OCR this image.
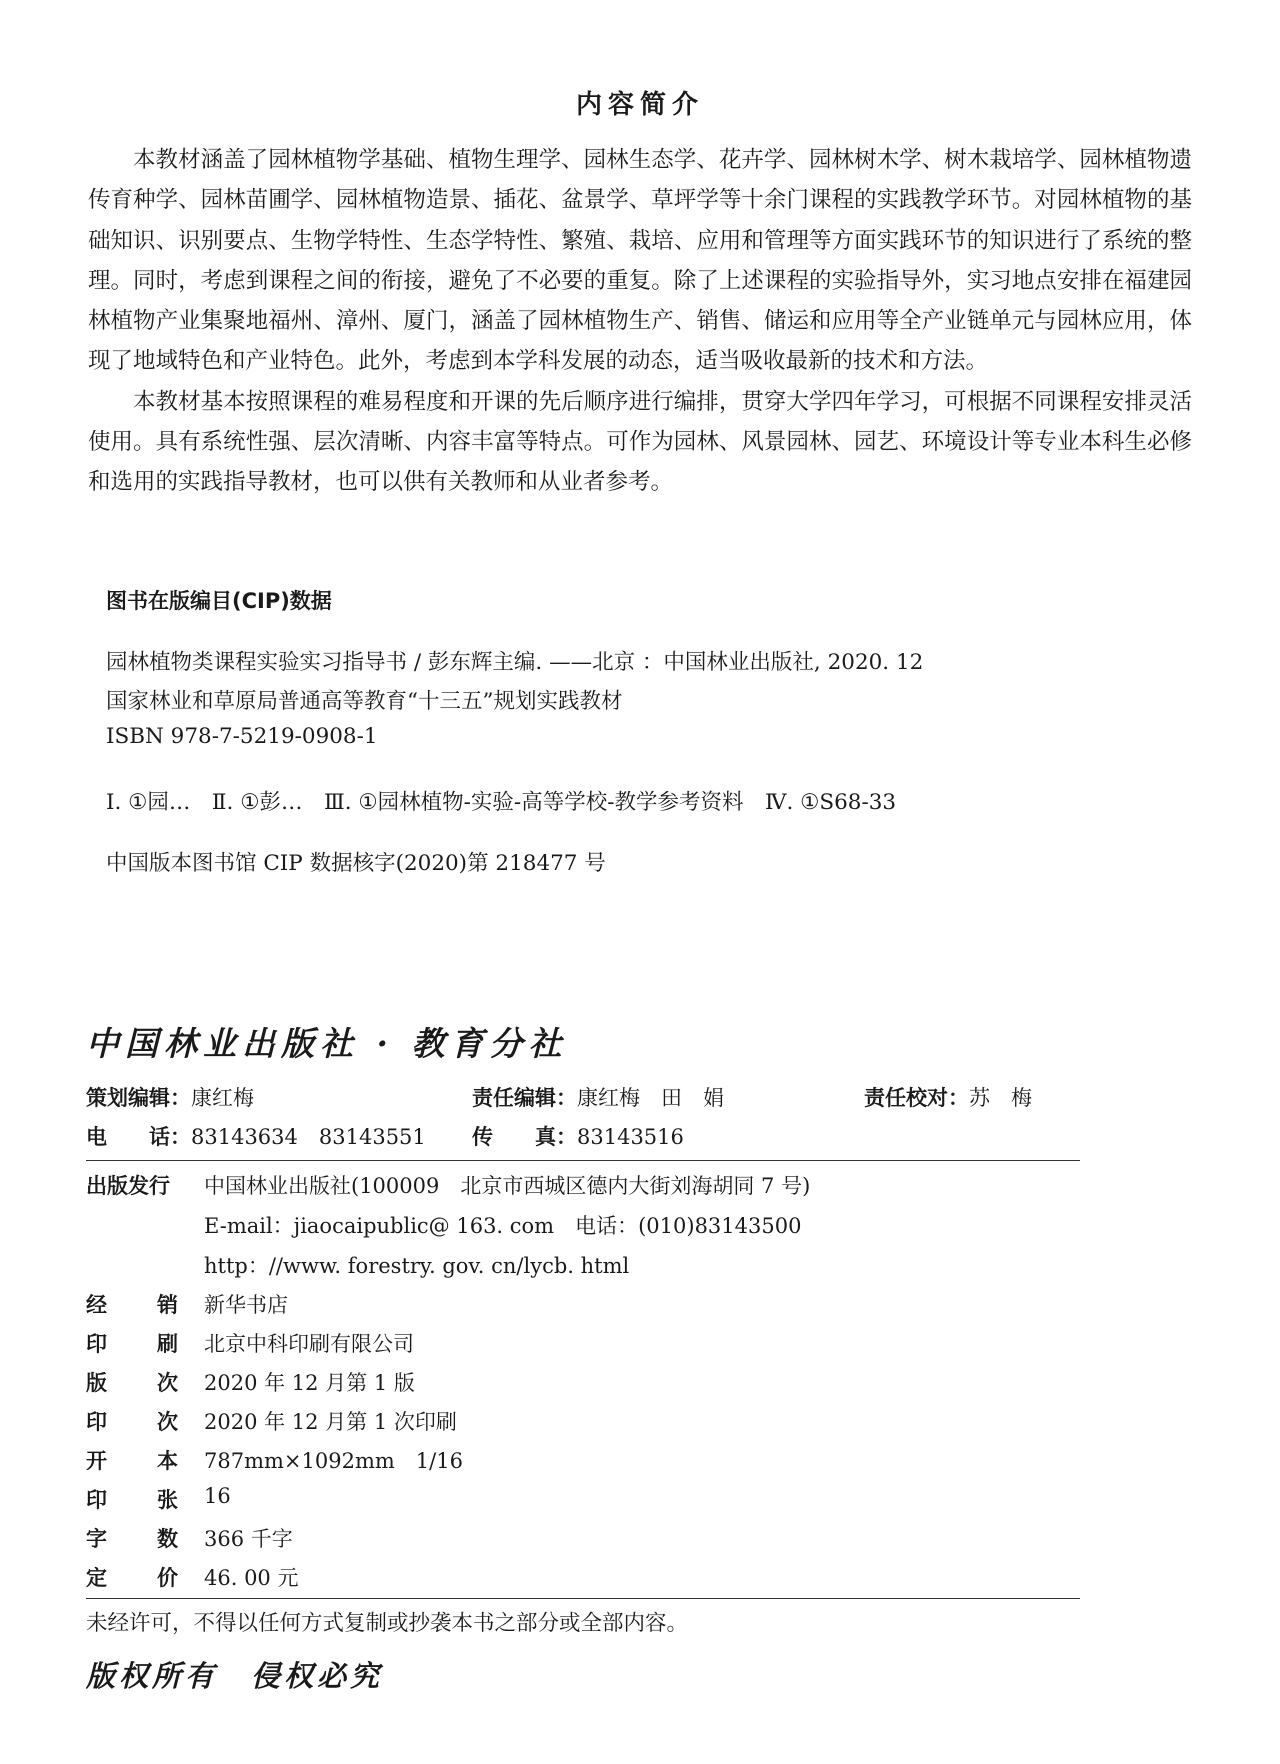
内容简介

本教材涵盖了园林植物学基础、植物生理学、园林生态学、花卉学、园林树木学、树木栽培学、园林植物遗传育种学、园林苗圃学、园林植物造景、插花、盆景学、草坪学等十余门课程的实践教学环节。对园林植物的基础知识、识别要点、生物学特性、生态学特性、繁殖、栽培、应用和管理等方面实践环节的知识进行了系统的整理。同时，考虑到课程之间的衔接，避免了不必要的重复。除了上述课程的实验指导外，实习地点安排在福建园林植物产业集聚地福州、漳州、厦门，涵盖了园林植物生产、销售、储运和应用等全产业链单元与园林应用，体现了地域特色和产业特色。此外，考虑到本学科发展的动态，适当吸收最新的技术和方法。

本教材基本按照课程的难易程度和开课的先后顺序进行编排，贯穿大学四年学习，可根据不同课程安排灵活使用。具有系统性强、层次清晰、内容丰富等特点。可作为园林、风景园林、园艺、环境设计等专业本科生必修和选用的实践指导教材，也可以供有关教师和从业者参考。

图书在版编目(CIP)数据
园林植物类课程实验实习指导书 / 彭东辉主编. ——北京 ：中国林业出版社, 2020. 12
国家林业和草原局普通高等教育“十三五”规划实践教材
ISBN 978-7-5219-0908-1
Ⅰ. ①园…　Ⅱ. ①彭…　Ⅲ. ①园林植物-实验-高等学校-教学参考资料　Ⅳ. ①S68-33
中国版本图书馆 CIP 数据核字(2020)第 218477 号
中国林业出版社 · 教育分社
策划编辑：康红梅	责任编辑：康红梅　田　娟	责任校对：苏　梅
电　　话：83143634　83143551 传　　真：83143516
出版发行 中国林业出版社(100009　北京市西城区德内大街刘海胡同 7 号)
E-mail：jiaocaipublic@ 163. com　电话：(010)83143500
http：//www. forestry. gov. cn/lycb. html
经 销 新华书店
印 刷 北京中科印刷有限公司
版 次 2020 年 12 月第 1 版
印 次 2020 年 12 月第 1 次印刷
开 本 787mm×1092mm　1/16
印 张 16
字 数 366 千字
定 价 46. 00 元
未经许可，不得以任何方式复制或抄袭本书之部分或全部内容。
版权所有　侵权必究
